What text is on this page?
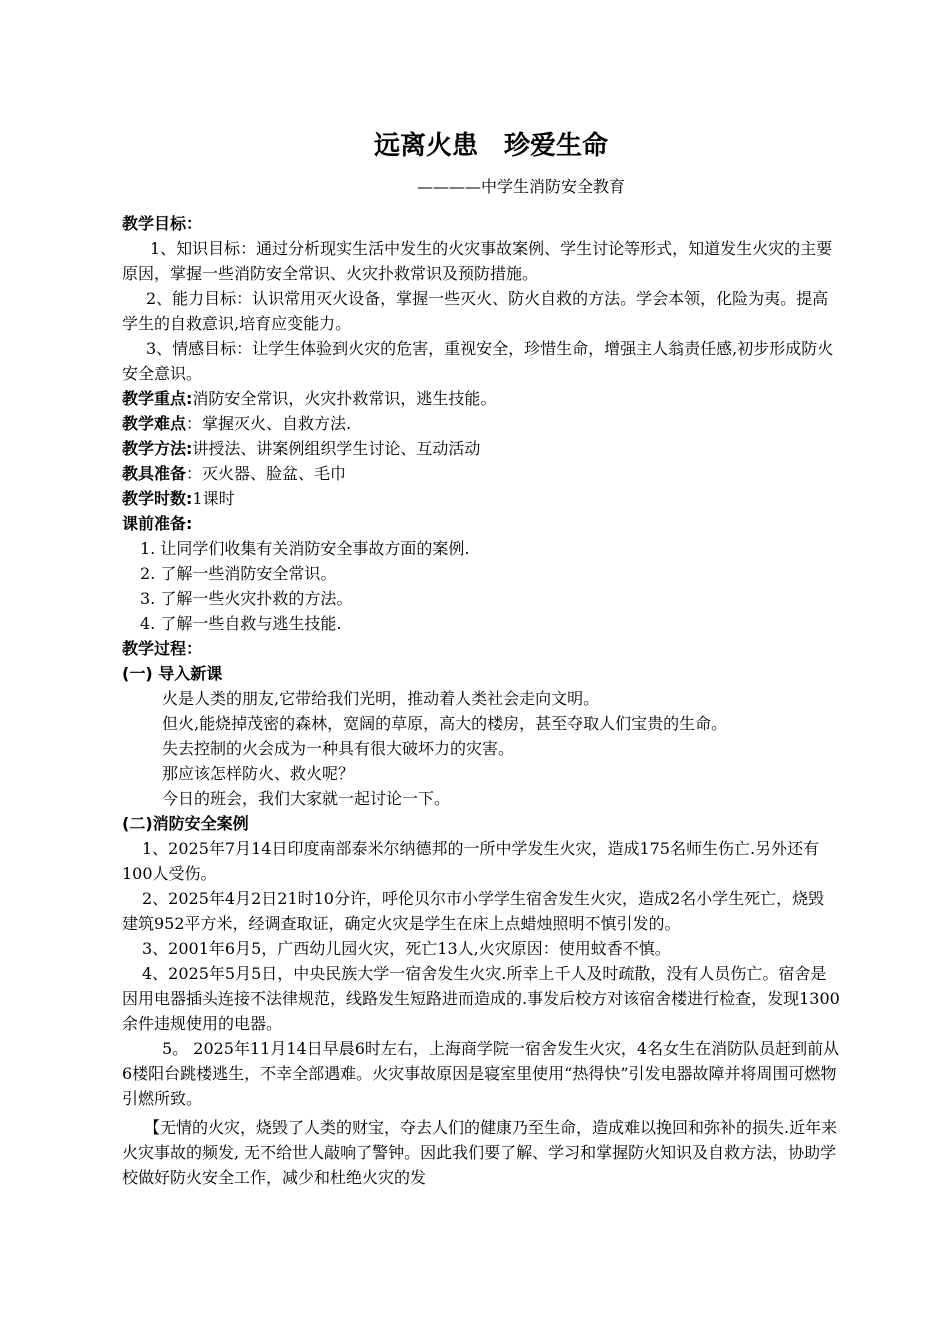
远离火患　珍爱生命
————中学生消防安全教育

教学目标：

1、知识目标：通过分析现实生活中发生的火灾事故案例、学生讨论等形式，知道发生火灾的主要原因，掌握一些消防安全常识、火灾扑救常识及预防措施。

2、能力目标：认识常用灭火设备，掌握一些灭火、防火自救的方法。学会本领，化险为夷。提高学生的自救意识,培育应变能力。

3、情感目标：让学生体验到火灾的危害，重视安全，珍惜生命，增强主人翁责任感,初步形成防火安全意识。

教学重点:消防安全常识，火灾扑救常识，逃生技能。

教学难点：掌握灭火、自救方法.

教学方法:讲授法、讲案例组织学生讨论、互动活动

教具准备：灭火器、脸盆、毛巾

教学时数:1课时

课前准备:

1. 让同学们收集有关消防安全事故方面的案例.

2. 了解一些消防安全常识。

3. 了解一些火灾扑救的方法。

4. 了解一些自救与逃生技能.

教学过程：

(一) 导入新课

火是人类的朋友,它带给我们光明，推动着人类社会走向文明。

但火,能烧掉茂密的森林，宽阔的草原，高大的楼房，甚至夺取人们宝贵的生命。

失去控制的火会成为一种具有很大破坏力的灾害。

那应该怎样防火、救火呢？

今日的班会，我们大家就一起讨论一下。

(二)消防安全案例

1、2025年7月14日印度南部泰米尔纳德邦的一所中学发生火灾，造成175名师生伤亡.另外还有100人受伤。

2、2025年4月2日21时10分许，呼伦贝尔市小学学生宿舍发生火灾，造成2名小学生死亡，烧毁建筑952平方米，经调查取证，确定火灾是学生在床上点蜡烛照明不慎引发的。

3、2001年6月5，广西幼儿园火灾，死亡13人,火灾原因：使用蚊香不慎。

4、2025年5月5日，中央民族大学一宿舍发生火灾.所幸上千人及时疏散，没有人员伤亡。宿舍是因用电器插头连接不法律规范，线路发生短路进而造成的.事发后校方对该宿舍楼进行检查，发现1300余件违规使用的电器。

5。 2025年11月14日早晨6时左右，上海商学院一宿舍发生火灾，4名女生在消防队员赶到前从6楼阳台跳楼逃生，不幸全部遇难。火灾事故原因是寝室里使用“热得快”引发电器故障并将周围可燃物引燃所致。

【无情的火灾，烧毁了人类的财宝，夺去人们的健康乃至生命，造成难以挽回和弥补的损失.近年来火灾事故的频发, 无不给世人敲响了警钟。因此我们要了解、学习和掌握防火知识及自救方法，协助学校做好防火安全工作，减少和杜绝火灾的发
